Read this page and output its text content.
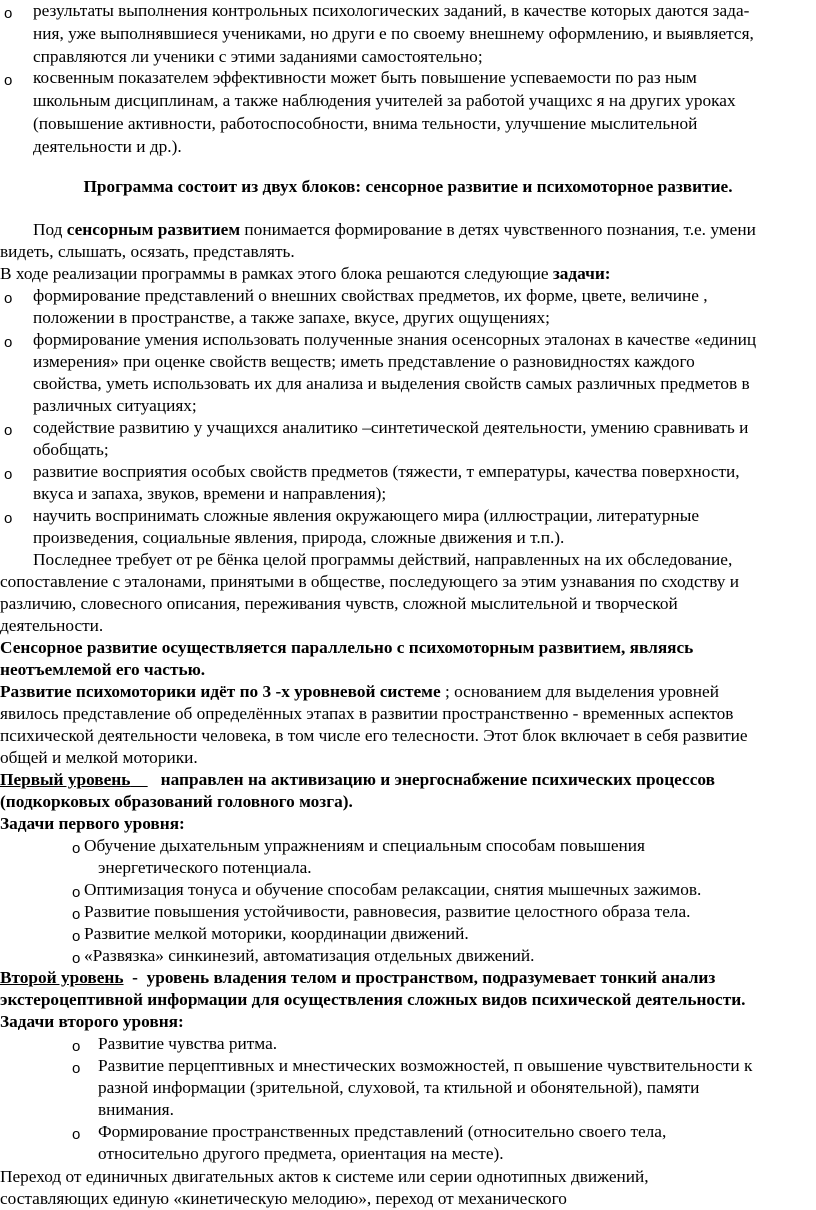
o результаты выполнения контрольных психологических заданий, в качестве которых даются зада-
ния, уже выполнявшиеся учениками, но други е по своему внешнему оформлению, и выявляется,
справляются ли ученики с этими заданиями самостоятельно;
o косвенным показателем эффективности может быть повышение успеваемости по раз ным
школьным дисциплинам, а также наблюдения учителей за работой учащихс я на других уроках
(повышение активности, работоспособности, внима тельности, улучшение мыслительной
деятельности и др.).
Программа состоит из двух блоков: сенсорное развитие и психомоторное развитие.
Под сенсорным развитием понимается формирование в детях чувственного познания, т.е. умени
видеть, слышать, осязать, представлять.
В ходе реализации программы в рамках этого блока решаются следующие задачи:
o формирование представлений о внешних свойствах предметов, их форме, цвете, величине ,
положении в пространстве, а также запахе, вкусе, других ощущениях;
o формирование умения использовать полученные знания осенсорных эталонах в качестве «единиц
измерения» при оценке свойств веществ; иметь представление о разновидностях каждого
свойства, уметь использовать их для анализа и выделения свойств самых различных предметов в
различных ситуациях;
o содействие развитию у учащихся аналитико –синтетической деятельности, умению сравнивать и
обобщать;
o развитие восприятия особых свойств предметов (тяжести, т емпературы, качества поверхности,
вкуса и запаха, звуков, времени и направления);
o научить воспринимать сложные явления окружающего мира (иллюстрации, литературные
произведения, социальные явления, природа, сложные движения и т.п.).
Последнее требует от ре бёнка целой программы действий, направленных на их обследование,
сопоставление с эталонами, принятыми в обществе, последующего за этим узнавания по сходству и
различию, словесного описания, переживания чувств, сложной мыслительной и творческой
деятельности.
Сенсорное развитие осуществляется параллельно с психомоторным развитием, являясь
неотъемлемой его частью.
Развитие психомоторики идёт по 3 -х уровневой системе ; основанием для выделения уровней
явилось представление об определённых этапах в развитии пространственно - временных аспектов
психической деятельности человека, в том числе его телесности. Этот блок включает в себя развитие
общей и мелкой моторики.
Первый уровень       направлен на активизацию и энергоснабжение психических процессов
(подкорковых образований головного мозга).
Задачи первого уровня:
o Обучение дыхательным упражнениям и специальным способам повышения
энергетического потенциала.
o Оптимизация тонуса и обучение способам релаксации, снятия мышечных зажимов.
o Развитие повышения устойчивости, равновесия, развитие целостного образа тела.
o Развитие мелкой моторики, координации движений.
o «Развязка» синкинезий, автоматизация отдельных движений.
Второй уровень  -  уровень владения телом и пространством, подразумевает тонкий анализ
экстероцептивной информации для осуществления сложных видов психической деятельности.
Задачи второго уровня:
o Развитие чувства ритма.
o Развитие перцептивных и мнестических возможностей, п овышение чувствительности к
разной информации (зрительной, слуховой, та ктильной и обонятельной), памяти
внимания.
o Формирование пространственных представлений (относительно своего тела,
относительно другого предмета, ориентация на месте).
Переход от единичных двигательных актов к системе или серии однотипных движений,
составляющих единую «кинетическую мелодию», переход от механического
